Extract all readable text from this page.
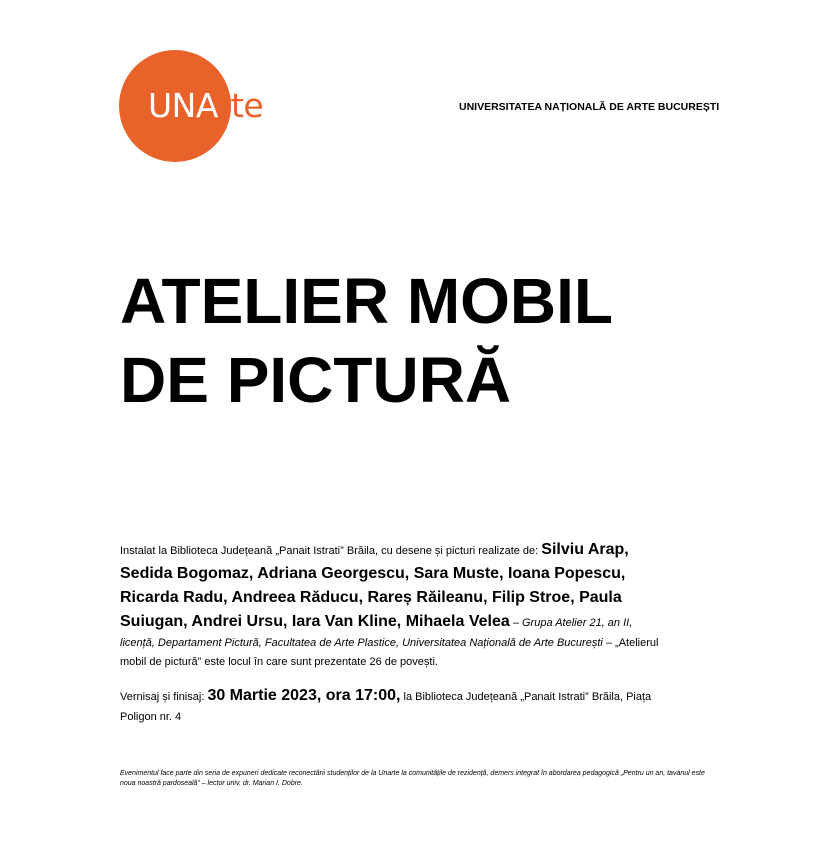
UNArte	UNIVERSITATEA NAȚIONALĂ DE ARTE BUCUREȘTI
ATELIER MOBIL
DE PICTURĂ

Instalat la Biblioteca Județeană „Panait Istrati” Brăila, cu desene și picturi realizate de: Silviu Arap, Sedida Bogomaz, Adriana Georgescu, Sara Muste, Ioana Popescu, Ricarda Radu, Andreea Răducu, Rareș Răileanu, Filip Stroe, Paula Suiugan, Andrei Ursu, Iara Van Kline, Mihaela Velea – Grupa Atelier 21, an II, licență, Departament Pictură, Facultatea de Arte Plastice, Universitatea Națională de Arte București – „Atelierul mobil de pictură” este locul în care sunt prezentate 26 de povești.

Vernisaj și finisaj: 30 Martie 2023, ora 17:00, la Biblioteca Județeană „Panait Istrati” Brăila, Piața Poligon nr. 4

Evenimentul face parte din seria de expuneri dedicate reconectării studenților de la Unarte la comunitățile de rezidență, demers integrat în abordarea pedagogică „Pentru un an, tavanul este noua noastră pardoseală” – lector univ. dr. Marian I. Dobre.
